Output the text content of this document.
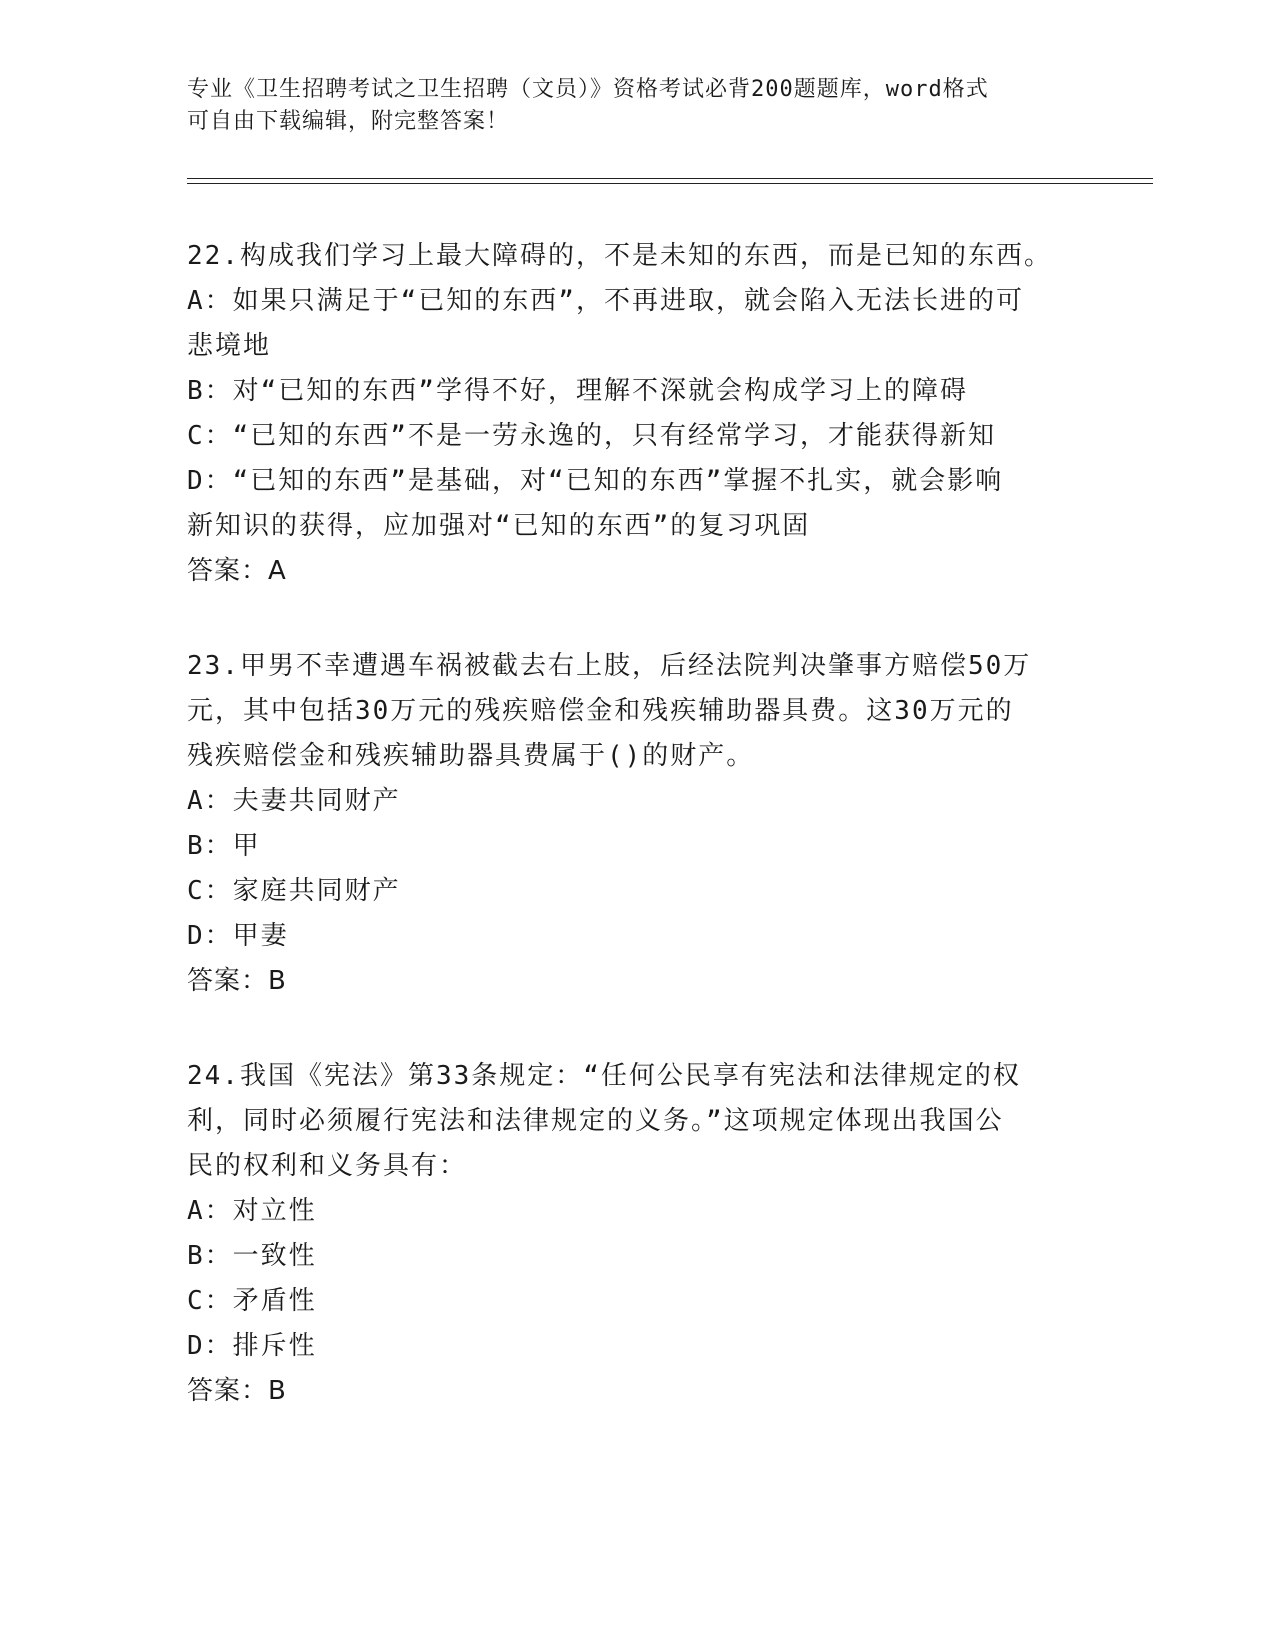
专业《卫生招聘考试之卫生招聘（文员）》资格考试必背200题题库，word格式
可自由下载编辑，附完整答案！
22.构成我们学习上最大障碍的，不是未知的东西，而是已知的东西。
A：如果只满足于“已知的东西”，不再进取，就会陷入无法长进的可
悲境地
B：对“已知的东西”学得不好，理解不深就会构成学习上的障碍
C：“已知的东西”不是一劳永逸的，只有经常学习，才能获得新知
D：“已知的东西”是基础，对“已知的东西”掌握不扎实，就会影响
新知识的获得，应加强对“已知的东西”的复习巩固
答案：A
23.甲男不幸遭遇车祸被截去右上肢，后经法院判决肇事方赔偿50万
元，其中包括30万元的残疾赔偿金和残疾辅助器具费。这30万元的
残疾赔偿金和残疾辅助器具费属于()的财产。
A：夫妻共同财产
B：甲
C：家庭共同财产
D：甲妻
答案：B
24.我国《宪法》第33条规定：“任何公民享有宪法和法律规定的权
利，同时必须履行宪法和法律规定的义务。”这项规定体现出我国公
民的权利和义务具有：
A：对立性
B：一致性
C：矛盾性
D：排斥性
答案：B
